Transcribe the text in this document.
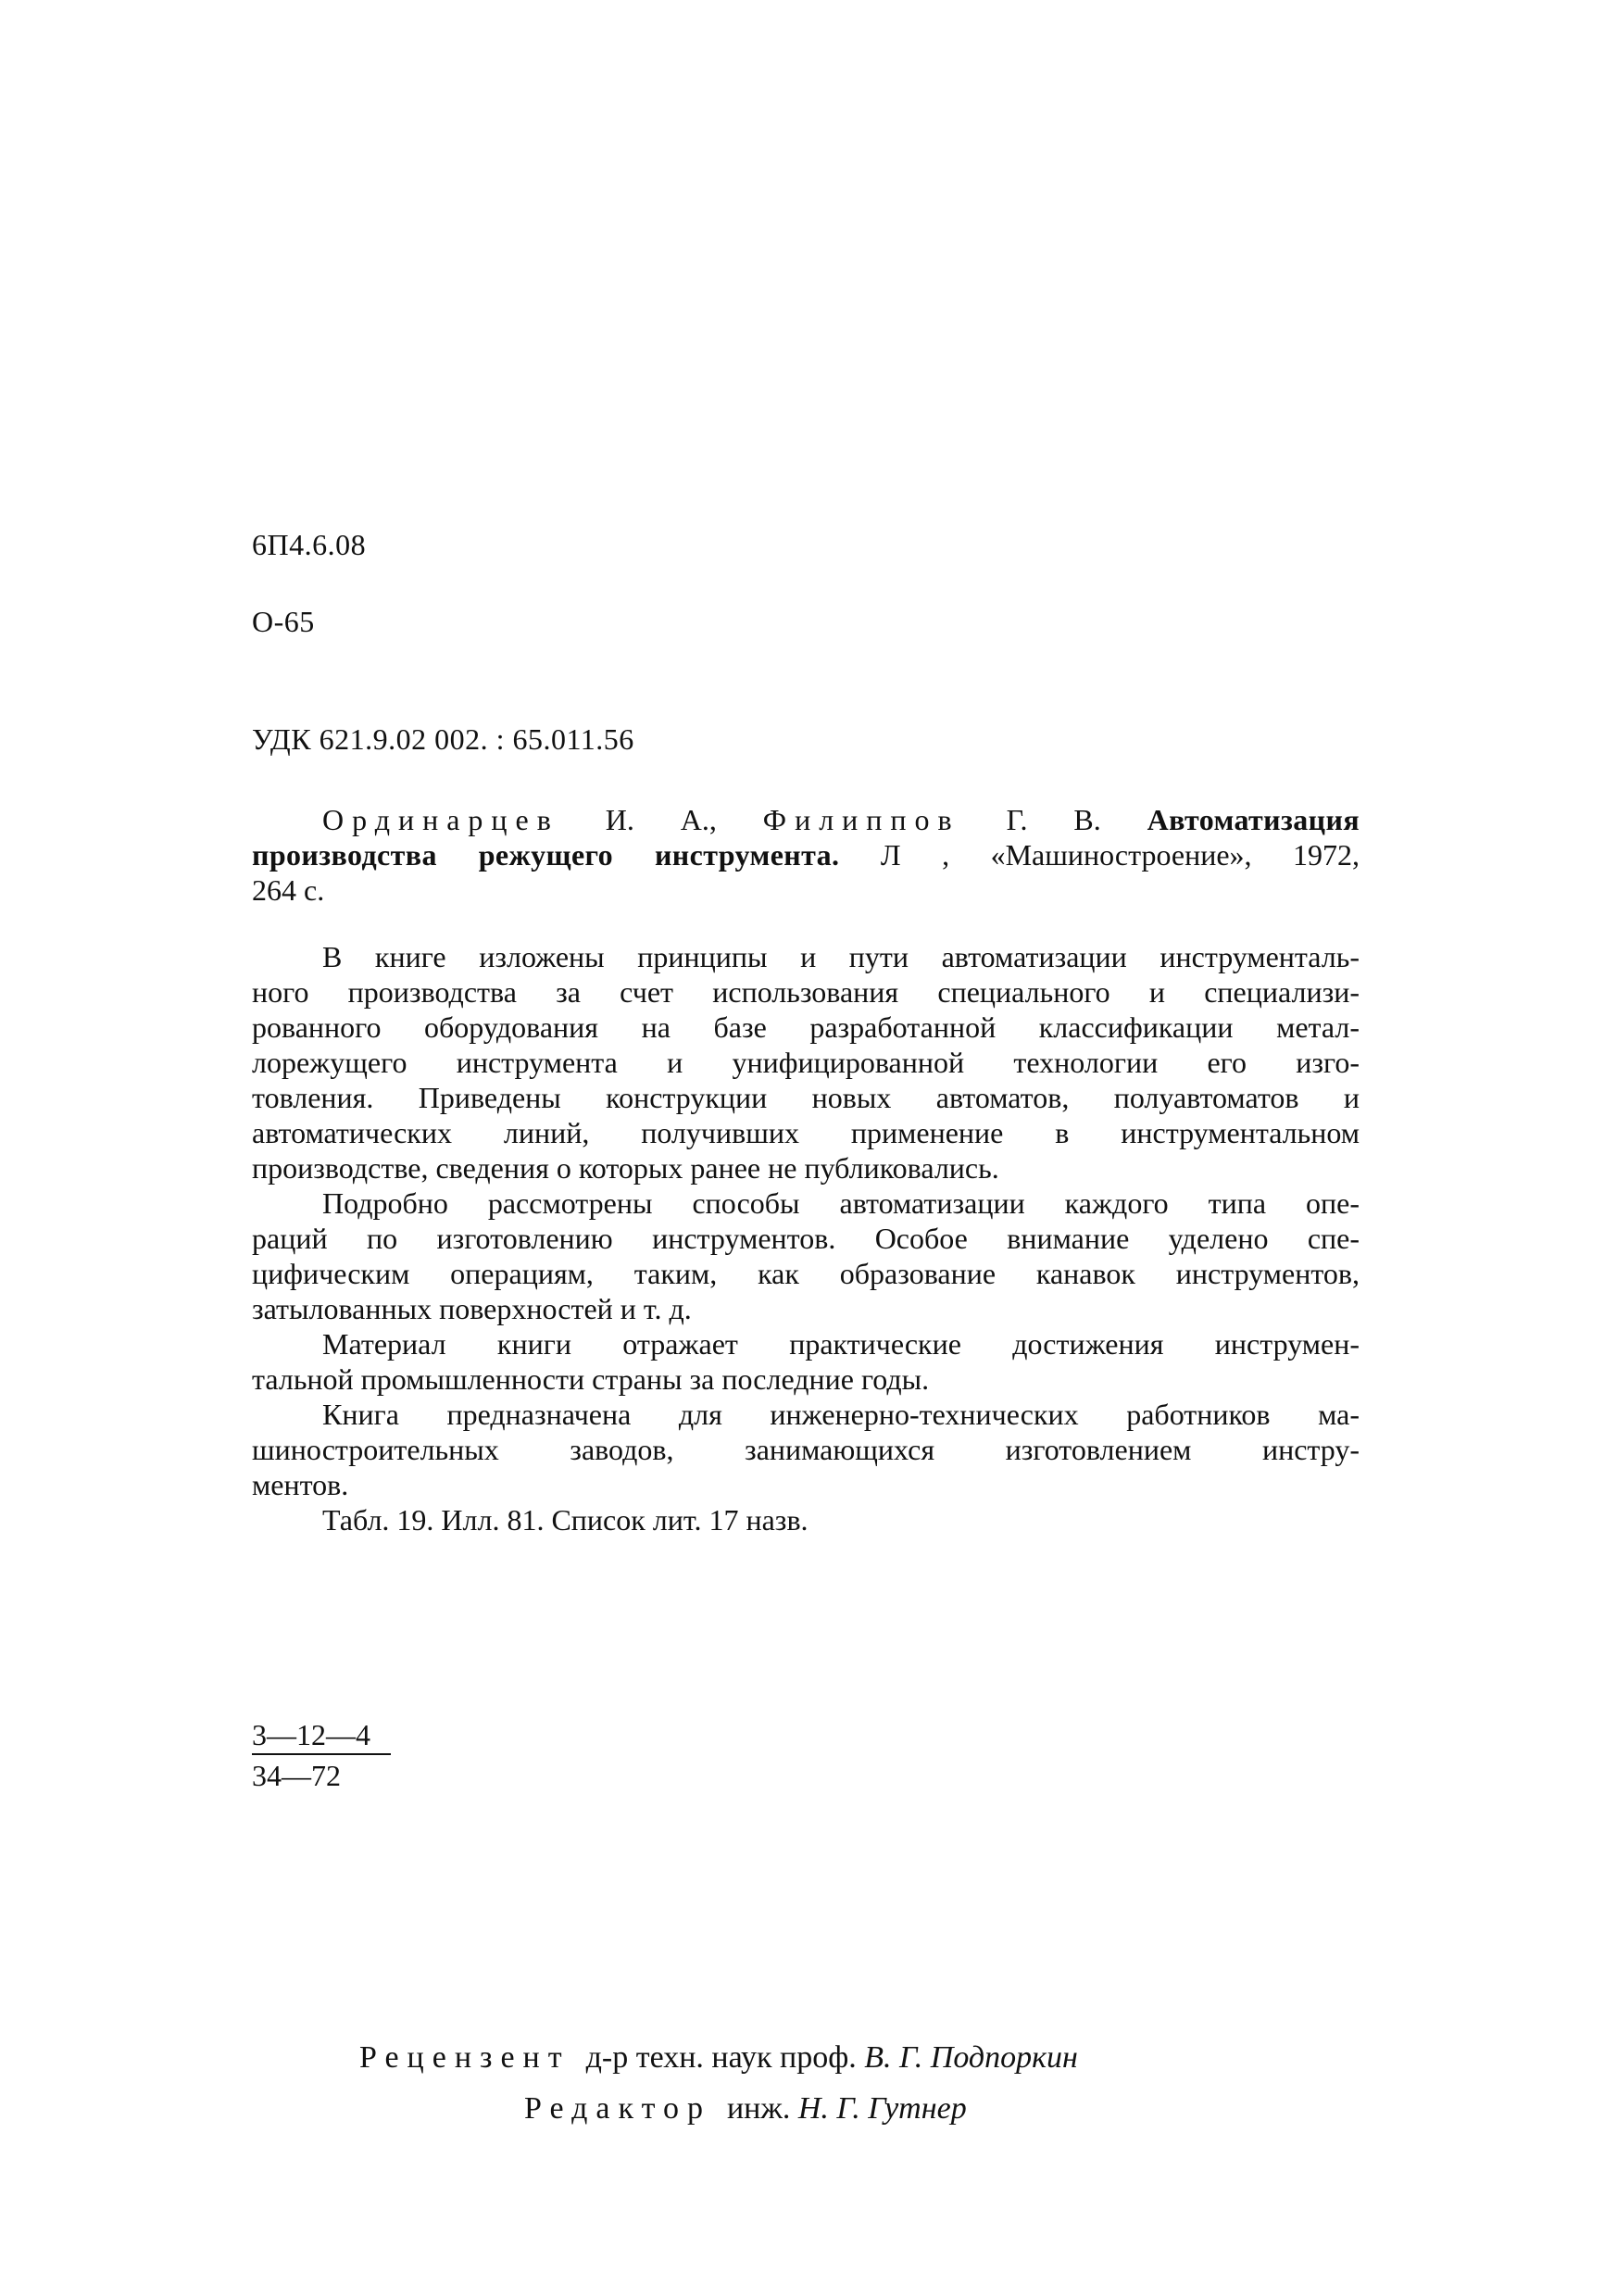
6П4.6.08
О-65
УДК 621.9.02 002. : 65.011.56
Ординарцев И. А., Филиппов Г. В. Автоматизация
производства режущего инструмента. Л , «Машиностроение», 1972,
264 с.
В книге изложены принципы и пути автоматизации инструменталь-
ного производства за счет использования специального и специализи-
рованного оборудования на базе разработанной классификации метал-
лорежущего инструмента и унифицированной технологии его изго-
товления. Приведены конструкции новых автоматов, полуавтоматов и
автоматических линий, получивших применение в инструментальном
производстве, сведения о которых ранее не публиковались.
Подробно рассмотрены способы автоматизации каждого типа опе-
раций по изготовлению инструментов. Особое внимание уделено спе-
цифическим операциям, таким, как образование канавок инструментов,
затылованных поверхностей и т. д.
Материал книги отражает практические достижения инструмен-
тальной промышленности страны за последние годы.
Книга предназначена для инженерно-технических работников ма-
шиностроительных заводов, занимающихся изготовлением инстру-
ментов.
Табл. 19. Илл. 81. Список лит. 17 назв.
$\frac{3—12—4}{34—72}$
Рецензент д-р техн. наук проф. В. Г. Подпоркин
Редактор инж. Н. Г. Гутнер
